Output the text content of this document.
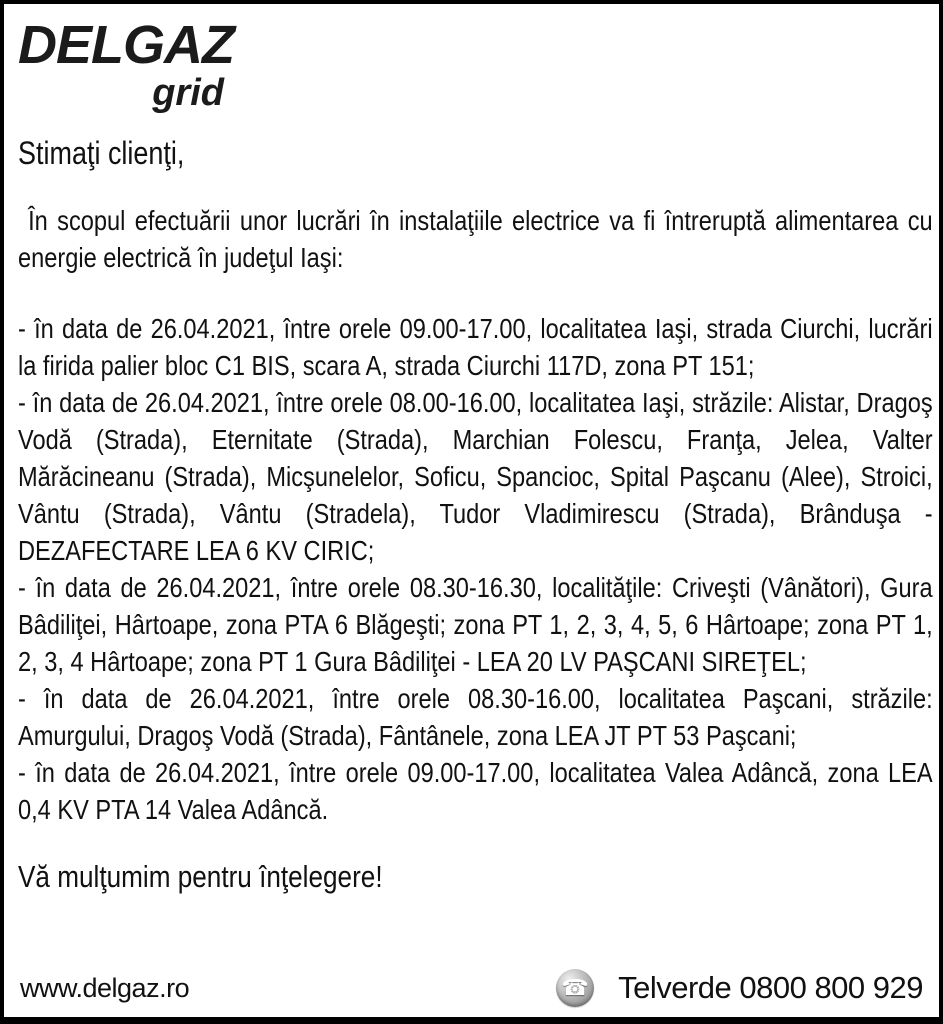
DELGAZ
grid

Stimaţi clienţi,

În scopul efectuării unor lucrări în instalaţiile electrice va fi întreruptă alimentarea cu energie electrică în judeţul Iaşi:

- în data de 26.04.2021, între orele 09.00-17.00, localitatea Iaşi, strada Ciurchi, lucrări la firida palier bloc C1 BIS, scara A, strada Ciurchi 117D, zona PT 151;

- în data de 26.04.2021, între orele 08.00-16.00, localitatea Iaşi, străzile: Alistar, Dragoş Vodă (Strada), Eternitate (Strada), Marchian Folescu, Franţa, Jelea, Valter Mărăcineanu (Strada), Micşunelelor, Soficu, Spancioc, Spital Paşcanu (Alee), Stroici, Vântu (Strada), Vântu (Stradela), Tudor Vladimirescu (Strada), Brânduşa - DEZAFECTARE LEA 6 KV CIRIC;

- în data de 26.04.2021, între orele 08.30-16.30, localităţile: Criveşti (Vânători), Gura Bâdiliţei, Hârtoape, zona PTA 6 Blăgeşti; zona PT 1, 2, 3, 4, 5, 6 Hârtoape; zona PT 1, 2, 3, 4 Hârtoape; zona PT 1 Gura Bâdiliţei - LEA 20 LV PAŞCANI SIREŢEL;

- în data de 26.04.2021, între orele 08.30-16.00, localitatea Paşcani, străzile: Amurgului, Dragoş Vodă (Strada), Fântânele, zona LEA JT PT 53 Paşcani;

- în data de 26.04.2021, între orele 09.00-17.00, localitatea Valea Adâncă, zona LEA 0,4 KV PTA 14 Valea Adâncă.

Vă mulţumim pentru înţelegere!

www.delgaz.ro	☎ Telverde 0800 800 929
